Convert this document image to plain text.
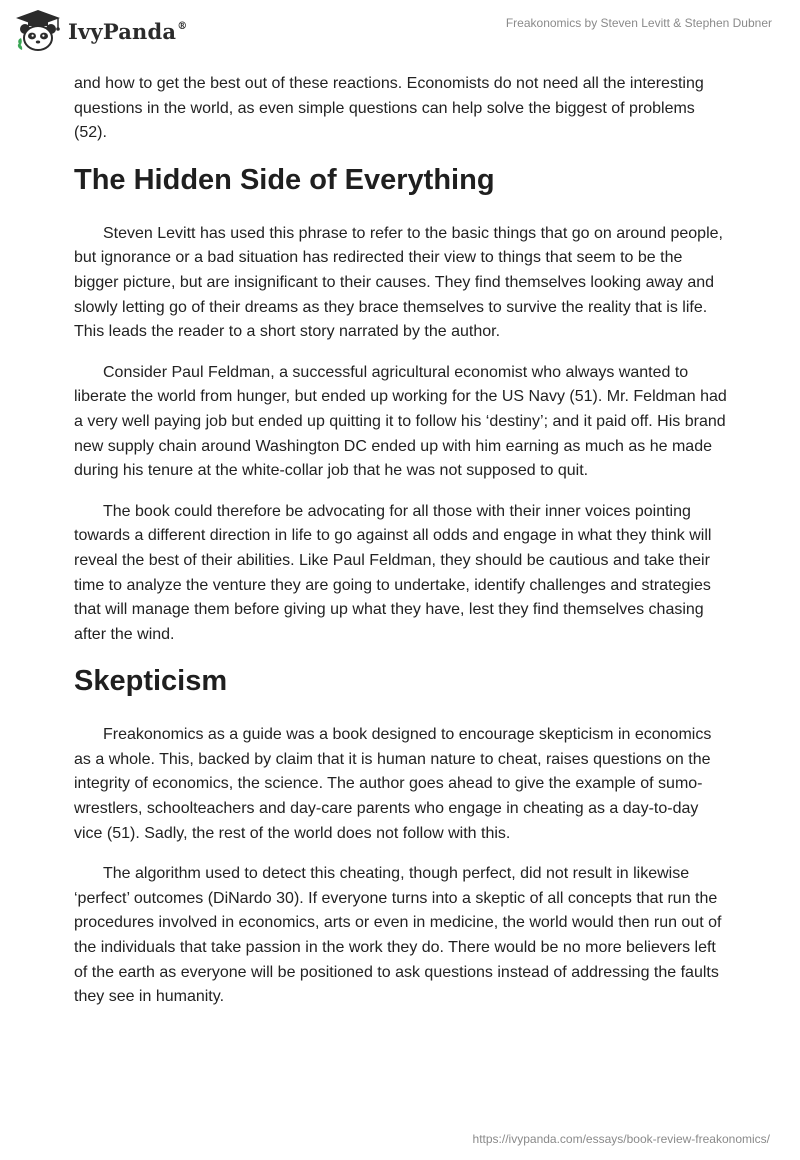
IvyPanda®	Freakonomics by Steven Levitt & Stephen Dubner

and how to get the best out of these reactions. Economists do not need all the interesting questions in the world, as even simple questions can help solve the biggest of problems (52).

The Hidden Side of Everything

Steven Levitt has used this phrase to refer to the basic things that go on around people, but ignorance or a bad situation has redirected their view to things that seem to be the bigger picture, but are insignificant to their causes. They find themselves looking away and slowly letting go of their dreams as they brace themselves to survive the reality that is life. This leads the reader to a short story narrated by the author.

Consider Paul Feldman, a successful agricultural economist who always wanted to liberate the world from hunger, but ended up working for the US Navy (51). Mr. Feldman had a very well paying job but ended up quitting it to follow his ‘destiny’; and it paid off. His brand new supply chain around Washington DC ended up with him earning as much as he made during his tenure at the white-collar job that he was not supposed to quit.

The book could therefore be advocating for all those with their inner voices pointing towards a different direction in life to go against all odds and engage in what they think will reveal the best of their abilities. Like Paul Feldman, they should be cautious and take their time to analyze the venture they are going to undertake, identify challenges and strategies that will manage them before giving up what they have, lest they find themselves chasing after the wind.

Skepticism

Freakonomics as a guide was a book designed to encourage skepticism in economics as a whole. This, backed by claim that it is human nature to cheat, raises questions on the integrity of economics, the science. The author goes ahead to give the example of sumo-wrestlers, schoolteachers and day-care parents who engage in cheating as a day-to-day vice (51). Sadly, the rest of the world does not follow with this.

The algorithm used to detect this cheating, though perfect, did not result in likewise ‘perfect’ outcomes (DiNardo 30). If everyone turns into a skeptic of all concepts that run the procedures involved in economics, arts or even in medicine, the world would then run out of the individuals that take passion in the work they do. There would be no more believers left of the earth as everyone will be positioned to ask questions instead of addressing the faults they see in humanity.

https://ivypanda.com/essays/book-review-freakonomics/
